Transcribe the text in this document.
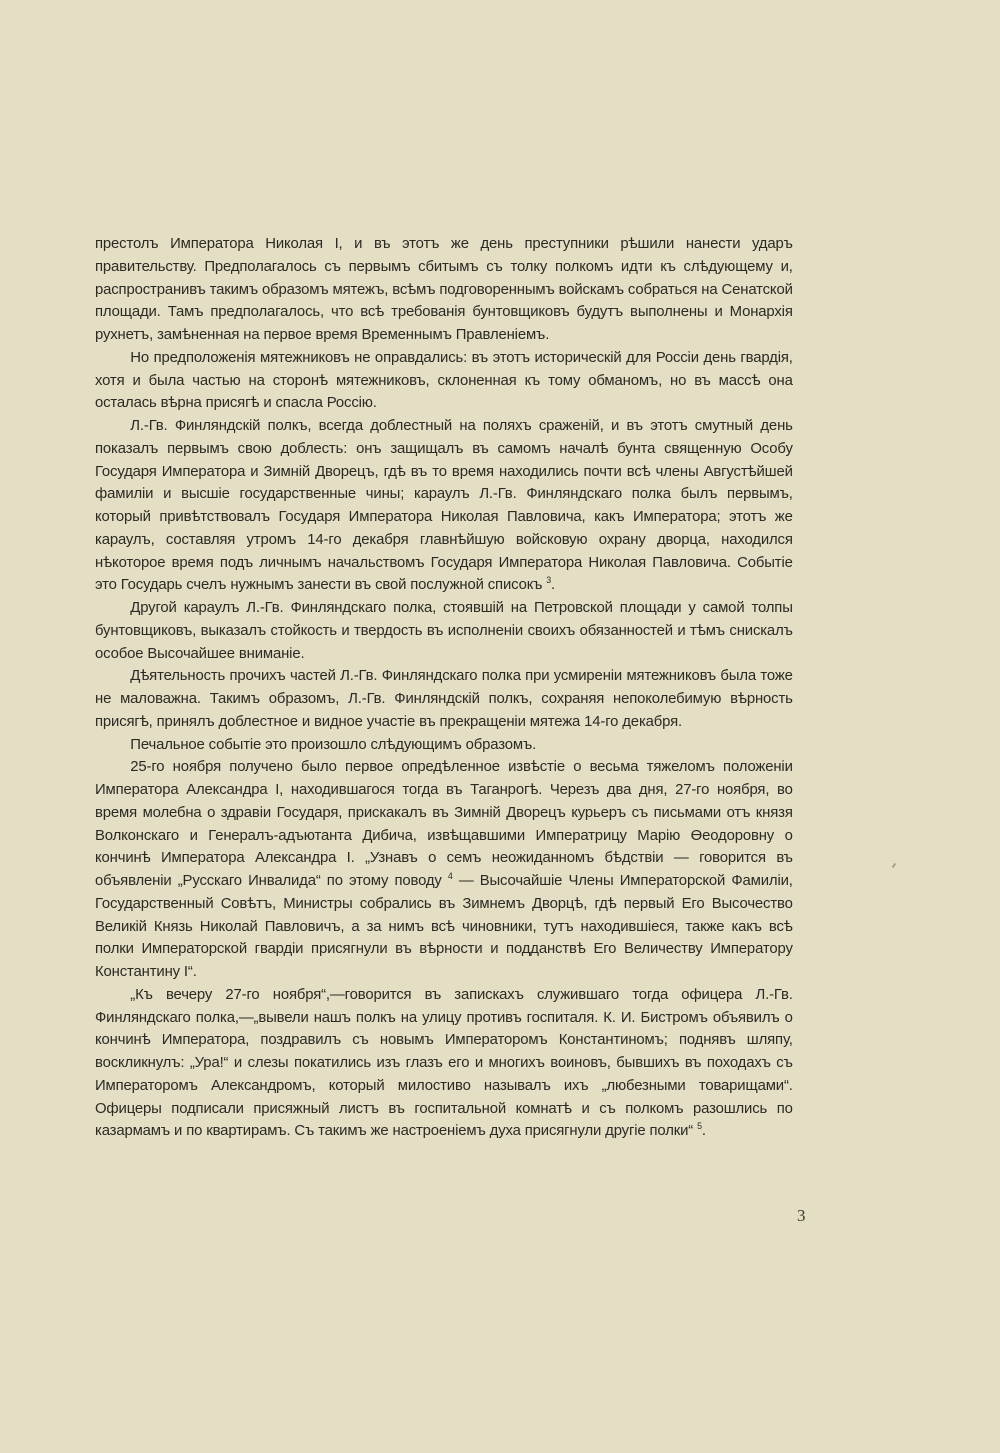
престолъ Императора Николая I, и въ этотъ же день преступники рѣшили нанести ударъ правительству. Предполагалось съ первымъ сбитымъ съ толку полкомъ идти къ слѣдующему и, распространивъ такимъ образомъ мятежъ, всѣмъ подговореннымъ войскамъ собраться на Сенатской площади. Тамъ предполагалось, что всѣ требованія бунтовщиковъ будутъ выполнены и Монархія рухнетъ, замѣненная на первое время Временнымъ Правленіемъ.

Но предположенія мятежниковъ не оправдались: въ этотъ историческій для Россіи день гвардія, хотя и была частью на сторонѣ мятежниковъ, склоненная къ тому обманомъ, но въ массѣ она осталась вѣрна присягѣ и спасла Россію.

Л.-Гв. Финляндскій полкъ, всегда доблестный на поляхъ сраженій, и въ этотъ смутный день показалъ первымъ свою доблесть: онъ защищалъ въ самомъ началѣ бунта священную Особу Государя Императора и Зимній Дворецъ, гдѣ въ то время находились почти всѣ члены Августѣйшей фамиліи и высшіе государственные чины; караулъ Л.-Гв. Финляндскаго полка былъ первымъ, который привѣтствовалъ Государя Императора Николая Павловича, какъ Императора; этотъ же караулъ, составляя утромъ 14-го декабря главнѣйшую войсковую охрану дворца, находился нѣкоторое время подъ личнымъ начальствомъ Государя Императора Николая Павловича. Событіе это Государь счелъ нужнымъ занести въ свой послужной списокъ $^3$.

Другой караулъ Л.-Гв. Финляндскаго полка, стоявшій на Петровской площади у самой толпы бунтовщиковъ, выказалъ стойкость и твердость въ исполненіи своихъ обязанностей и тѣмъ снискалъ особое Высочайшее вниманіе.

Дѣятельность прочихъ частей Л.-Гв. Финляндскаго полка при усмиреніи мятежниковъ была тоже не маловажна. Такимъ образомъ, Л.-Гв. Финляндскій полкъ, сохраняя непоколебимую вѣрность присягѣ, принялъ доблестное и видное участіе въ прекращеніи мятежа 14-го декабря.

Печальное событіе это произошло слѣдующимъ образомъ.

25-го ноября получено было первое опредѣленное извѣстіе о весьма тяжеломъ положеніи Императора Александра I, находившагося тогда въ Таганрогѣ. Черезъ два дня, 27-го ноября, во время молебна о здравіи Государя, прискакалъ въ Зимній Дворецъ курьеръ съ письмами отъ князя Волконскаго и Генералъ-адъютанта Дибича, извѣщавшими Императрицу Марію Өеодоровну о кончинѣ Императора Александра I. „Узнавъ о семъ неожиданномъ бѣдствіи — говорится въ объявленіи „Русскаго Инвалида“ по этому поводу $^4$ — Высочайшіе Члены Императорской Фамиліи, Государственный Совѣтъ, Министры собрались въ Зимнемъ Дворцѣ, гдѣ первый Его Высочество Великій Князь Николай Павловичъ, а за нимъ всѣ чиновники, тутъ находившіеся, также какъ всѣ полки Императорской гвардіи присягнули въ вѣрности и подданствѣ Его Величеству Императору Константину I“.

„Къ вечеру 27-го ноября“,—говорится въ запискахъ служившаго тогда офицера Л.-Гв. Финляндскаго полка,—„вывели нашъ полкъ на улицу противъ госпиталя. К. И. Бистромъ объявилъ о кончинѣ Императора, поздравилъ съ новымъ Императоромъ Константиномъ; поднявъ шляпу, воскликнулъ: „Ура!“ и слезы покатились изъ глазъ его и многихъ воиновъ, бывшихъ въ походахъ съ Императоромъ Александромъ, который милостиво называлъ ихъ „любезными товарищами“. Офицеры подписали присяжный листъ въ госпитальной комнатѣ и съ полкомъ разошлись по казармамъ и по квартирамъ. Съ такимъ же настроеніемъ духа присягнули другіе полки“ $^5$.

3
